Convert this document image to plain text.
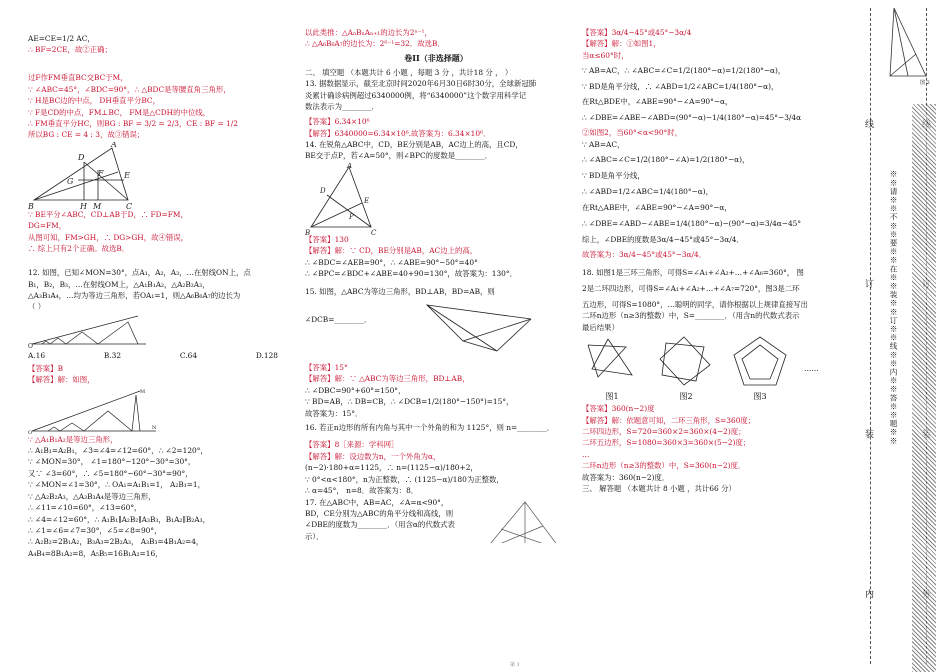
AE=CE=1/2 AC，

∴ BF=2CE，故②正确；

过F作FM垂直BC交BC于M，

∵ ∠ABC=45°，∠BDC=90°，∴ △BDC是等腰直角三角形，

∵ H是BC边的中点， DH垂直平分BC，

∵ F是CD的中点，FM⊥BC， FM是△CDH的中位线，

∴ FM垂直平分HC，则BG : BF = 3/2 = 2/3，CE : BF = 1/2

所以BG : CE = 4 : 3，故③错误；

D
A
F
G
E
B	H M	C

∵ BE平分∠ABC，CD⊥AB于D，∴ FD=FM，

DG=FM，

从图可知，FM>GH，∴ DG>GH，故④错误，

∴ 综上只有2个正确。故选B．

12. 如图，已知∠MON=30°，点A₁，A₂，A₃，…在射线ON上，点

B₁，B₂，B₃，…在射线OM上，△A₁B₁A₂，△A₂B₂A₃，

△A₃B₃A₄，…均为等边三角形，若OA₁=1，则△A₆B₆A₇的边长为

（ ）

O
A.16	B.32	C.64	D.128

【答案】B

【解答】解：如图，

O
N
M

∵ △A₁B₁A₂是等边三角形，

∴ A₁B₁=A₂B₁，∠3=∠4=∠12=60°，∴ ∠2=120°，

∵ ∠MON=30°， ∠1=180°−120°−30°=30°，

又∵ ∠3=60°，∴ ∠5=180°−60°−30°=90°，

∵ ∠MON=∠1=30°，∴ OA₁=A₁B₁=1， A₂B₁=1，

∵ △A₂B₂A₃，△A₃B₃A₄是等边三角形，

∴ ∠11=∠10=60°，∠13=60°，

∴ ∠4=∠12=60°，∴ A₁B₁∥A₂B₂∥A₃B₃，B₁A₂∥B₂A₃，

∴ ∠1=∠6=∠7=30°，∠5=∠8=90°，

∴ A₂B₂=2B₁A₂，B₃A₃=2B₂A₃， A₃B₃=4B₁A₂=4，

A₄B₄=8B₁A₂=8，A₅B₅=16B₁A₂=16，

以此类推：△AₙBₙAₙ₊₁的边长为2ⁿ⁻¹，

∴ △A₆B₆A₇的边长为：2⁶⁻¹=32．故选B．

卷II（非选择题）

二、 填空题 （本题共计 6 小题 ，每题 3 分 ，共计18 分 ， ）

13. 据数据显示，截至北京时间2020年6月30日6时30分，全球新冠肺

炎累计确诊病例超过6340000例，将“6340000”这个数字用科学记

数法表示为________．

【答案】6.34×10⁶

【解答】6340000=6.34×10⁶.故答案为：6.34×10⁶．

14. 在锐角△ABC中，CD，BE分别是AB，AC边上的高，且CD，

BE交于点P，若∠A=50°，则∠BPC的度数是________．

A
D
E
P
B	C

【答案】130

【解答】解：∵ CD，BE分别是AB，AC边上的高，

∴ ∠BDC=∠AEB=90°，∴ ∠ABE=90°−50°=40°

∴ ∠BPC=∠BDC+∠ABE=40+90=130°，故答案为：130°．

15. 如图，△ABC为等边三角形，BD⊥AB，BD=AB，则

∠DCB=________．

【答案】15°

【解答】解：∵ △ABC为等边三角形，BD⊥AB，

∴ ∠DBC=90°+60°=150°，

∵ BD=AB，∴ DB=CB，∴ ∠DCB=1/2(180°−150°)=15°，

故答案为：15°．

16. 若正n边形的所有内角与其中一个外角的和为 1125°，则 n=________．

【答案】8［来源：学科网］

【解答】解：设边数为n，一个外角为α，

(n−2)·180+α=1125，∴ n=(1125−α)/180+2，

∵ 0°<α<180°，n为正整数，∴ (1125−α)/180为正整数，

∴ α=45°， n=8．故答案为：8．

17. 在△ABC中，AB=AC，∠A=α<90°，

BD，CE分别为△ABC的角平分线和高线，则

∠DBE的度数为________．（用含α的代数式表

示）．

【答案】3α/4−45°或45°−3α/4

【解答】解：①如图1，

当α≤60°时，

∵ AB=AC，∴ ∠ABC=∠C=1/2(180°−α)=1/2(180°−α)，

∵ BD是角平分线，∴ ∠ABD=1/2∠ABC=1/4(180°−α)，

在Rt△BDE中，∠ABE=90°−∠A=90°−α，

∴ ∠DBE=∠ABE−∠ABD=(90°−α)−1/4(180°−α)=45°−3/4α

②如图2，当60°<α<90°时，

∵ AB=AC，

∴ ∠ABC=∠C=1/2(180°−∠A)=1/2(180°−α)，

∵ BD是角平分线，

∴ ∠ABD=1/2∠ABC=1/4(180°−α)，

在Rt△ABE中，∠ABE=90°−∠A=90°−α，

∴ ∠DBE=∠ABD−∠ABE=1/4(180°−α)−(90°−α)=3/4α−45°

综上，∠DBE的度数是3α/4−45°或45°−3α/4．

故答案为：3α/4−45°或45°−3α/4．

18. 如图1是三环三角形，可得S=∠A₁+∠A₂+…+∠A₆=360°， 图

2是二环四边形，可得S=∠A₁+∠A₂+…+∠A₇=720°，图3是二环

五边形，可得S=1080°，…聪明的同学，请你根据以上规律直接写出

二环n边形（n≥3的整数）中，S=________．（用含n的代数式表示

最后结果）

图1	图2	图3
……

【答案】360(n−2)度

【解答】解：依题意可知，二环三角形，S=360度；

二环四边形，S=720=360×2=360×(4−2)度；

二环五边形，S=1080=360×3=360×(5−2)度；

…

二环n边形（n≥3的整数）中，S=360(n−2)度．

故答案为：360(n−2)度．

三、 解答题 （本题共计 8 小题 ，共计66 分）

线
订
装
内
※※请※※不※※要※※在※※装※※订※※线※※内※※答※※题※※
图 2
第 1
